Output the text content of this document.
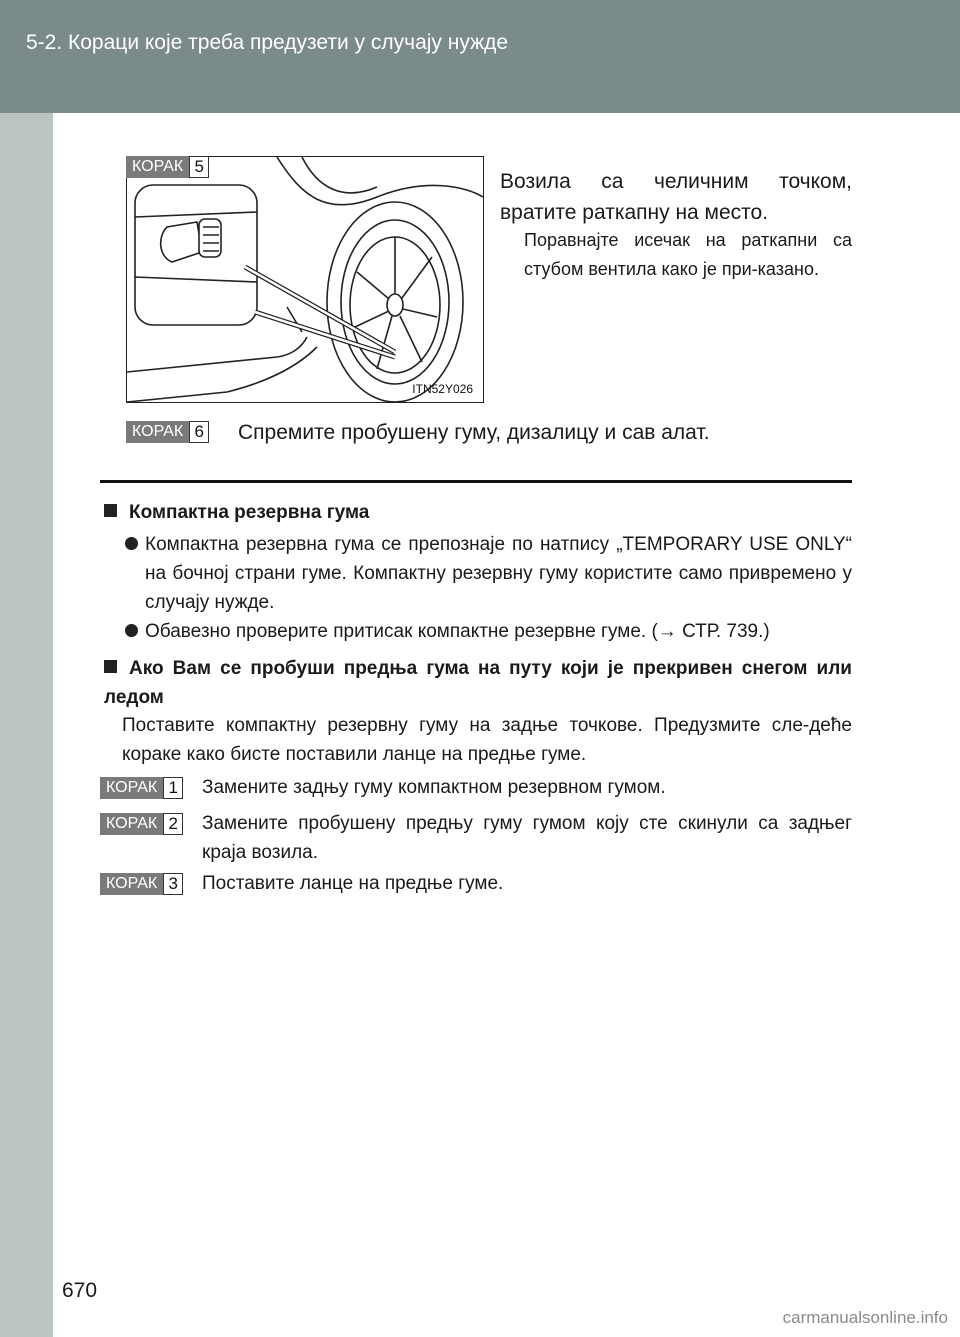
5-2. Кораци које треба предузети у случају нужде
ITN52Y026
КОРАК 5
Возила са челичним точком, вратите раткапну на место.
Поравнајте исечак на раткапни са стубом вентила како је при-казано.
КОРАК 6 Спремите пробушену гуму, дизалицу и сав алат.
Компактна резервна гума
Компактна резервна гума се препознаје по натпису „TEMPORARY USE ONLY“ на бочној страни гуме. Компактну резервну гуму користите само привремено у случају нужде.
Обавезно проверите притисак компактне резервне гуме. (→ СТР. 739.)
Ако Вам се пробуши предња гума на путу који је прекривен снегом или ледом
Поставите компактну резервну гуму на задње точкове. Предузмите сле-деће кораке како бисте поставили ланце на предње гуме.
КОРАК 1 Замените задњу гуму компактном резервном гумом.
КОРАК 2 Замените пробушену предњу гуму гумом коју сте скинули са задњег краја возила.
КОРАК 3 Поставите ланце на предње гуме.
670
carmanualsonline.info
